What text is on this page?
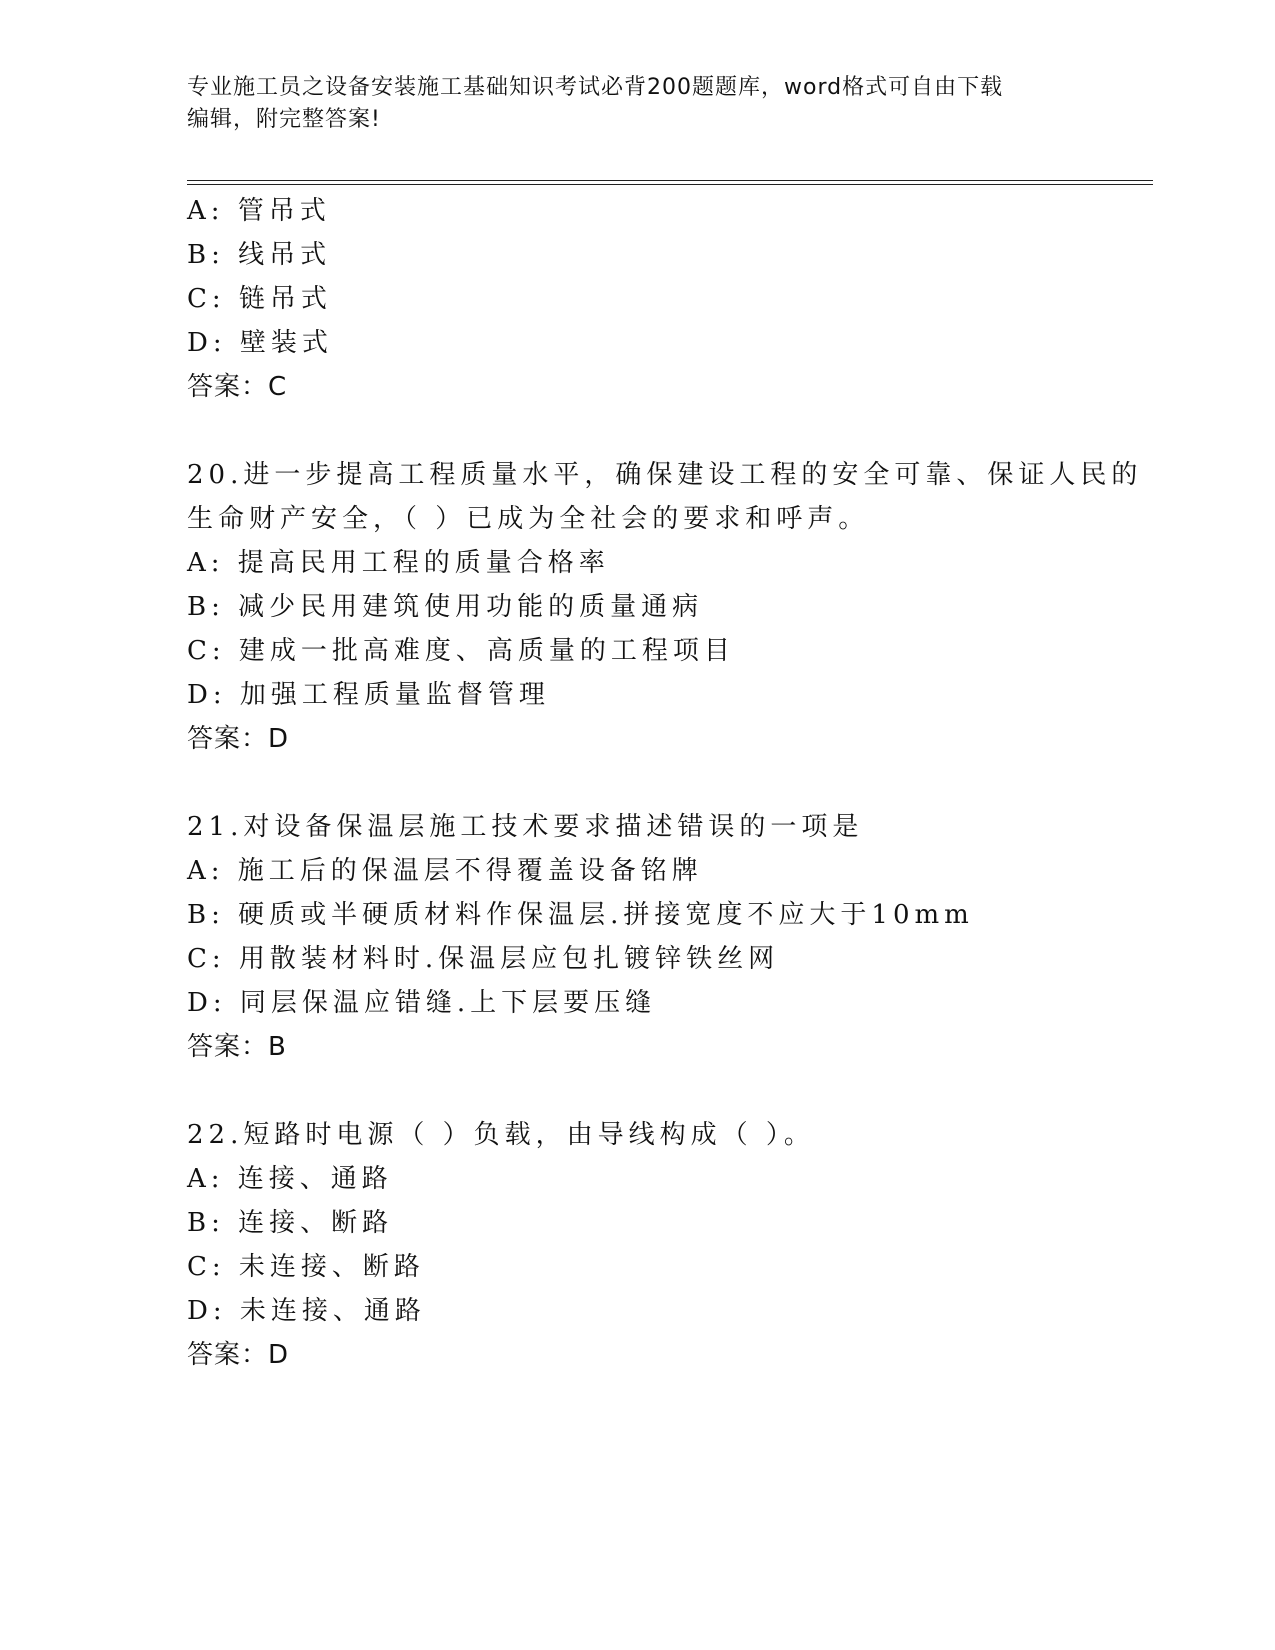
专业施工员之设备安装施工基础知识考试必背200题题库，word格式可自由下载
编辑，附完整答案!
A: 管吊式
B: 线吊式
C: 链吊式
D: 壁装式
答案：C
20.进一步提高工程质量水平，确保建设工程的安全可靠、保证人民的
生命财产安全，（ ）已成为全社会的要求和呼声。
A: 提高民用工程的质量合格率
B: 减少民用建筑使用功能的质量通病
C: 建成一批高难度、高质量的工程项目
D: 加强工程质量监督管理
答案：D
21.对设备保温层施工技术要求描述错误的一项是
A: 施工后的保温层不得覆盖设备铭牌
B: 硬质或半硬质材料作保温层.拼接宽度不应大于10mm
C: 用散装材料时.保温层应包扎镀锌铁丝网
D: 同层保温应错缝.上下层要压缝
答案：B
22.短路时电源（ ）负载，由导线构成（ ）。
A: 连接、通路
B: 连接、断路
C: 未连接、断路
D: 未连接、通路
答案：D
